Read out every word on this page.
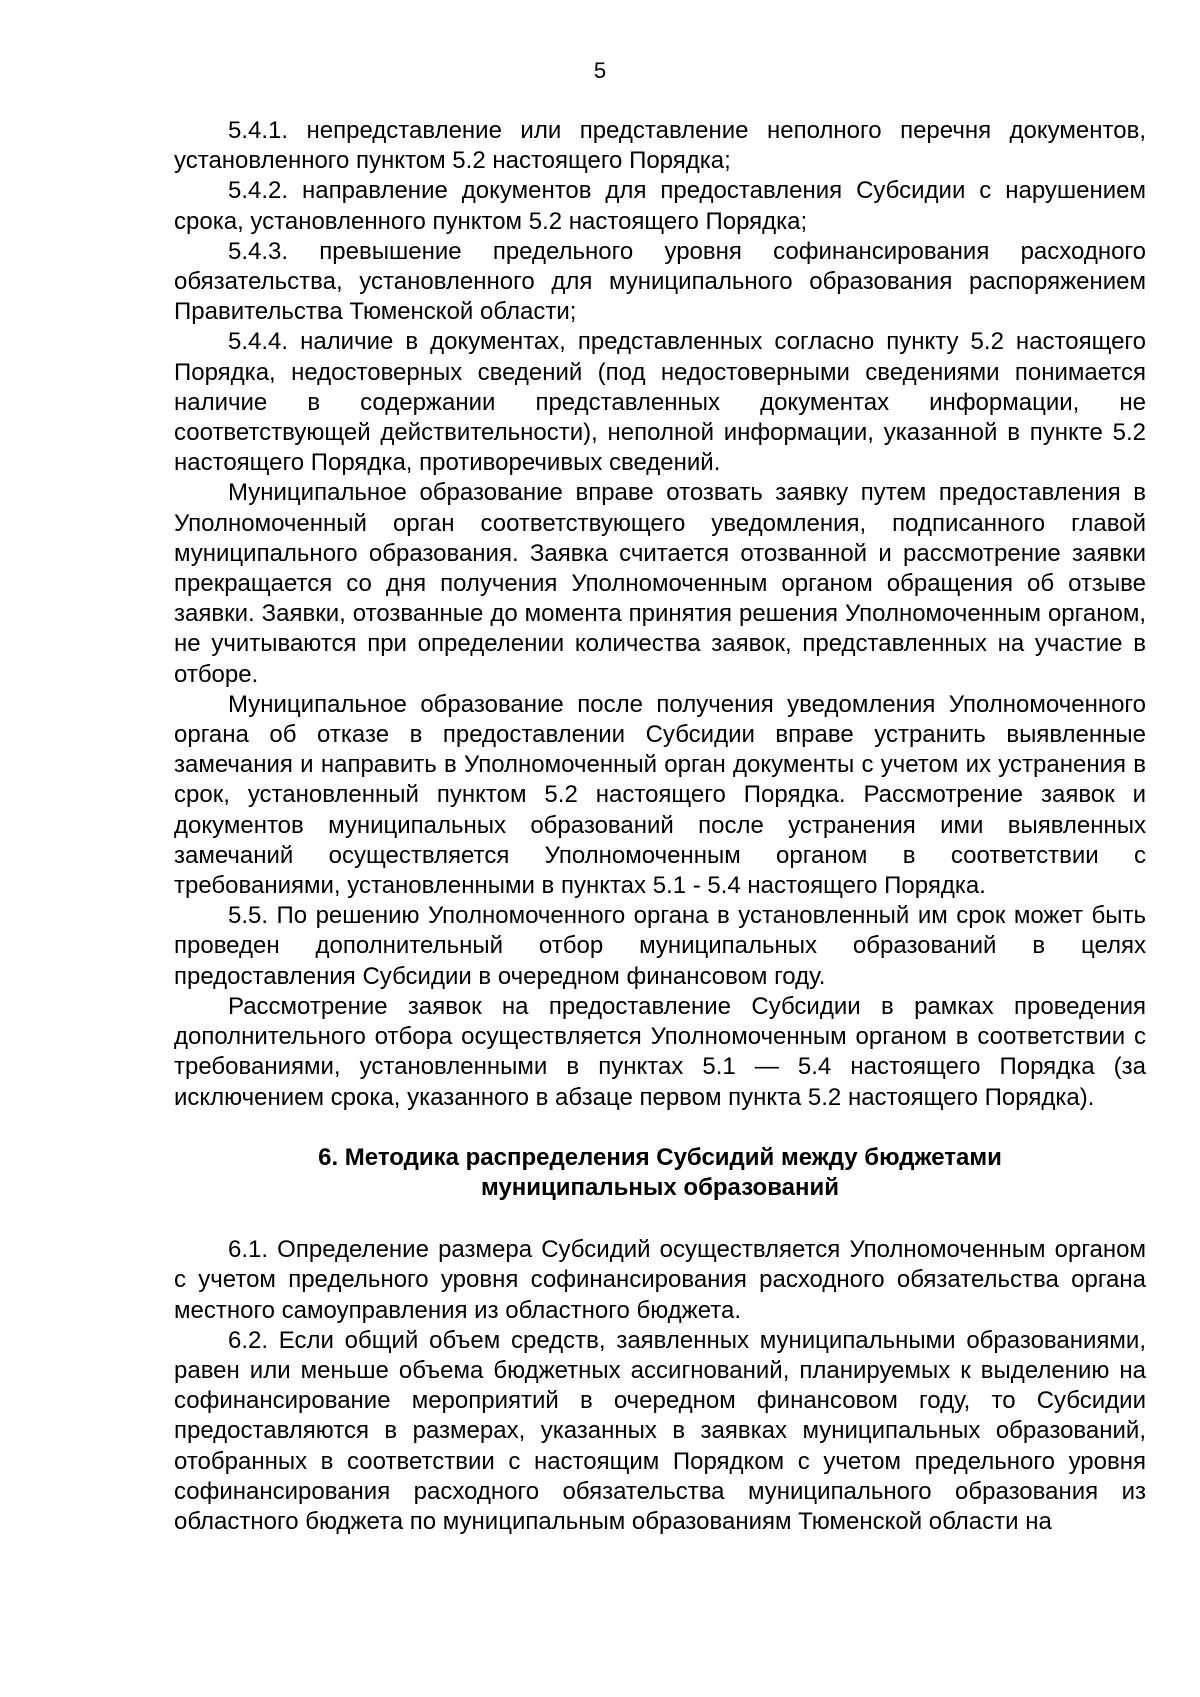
5

5.4.1. непредставление или представление неполного перечня документов, установленного пунктом 5.2 настоящего Порядка;

5.4.2. направление документов для предоставления Субсидии с нарушением срока, установленного пунктом 5.2 настоящего Порядка;

5.4.3. превышение предельного уровня софинансирования расходного обязательства, установленного для муниципального образования распоряжением Правительства Тюменской области;

5.4.4. наличие в документах, представленных согласно пункту 5.2 настоящего Порядка, недостоверных сведений (под недостоверными сведениями понимается наличие в содержании представленных документах информации, не соответствующей действительности), неполной информации, указанной в пункте 5.2 настоящего Порядка, противоречивых сведений.

Муниципальное образование вправе отозвать заявку путем предоставления в Уполномоченный орган соответствующего уведомления, подписанного главой муниципального образования. Заявка считается отозванной и рассмотрение заявки прекращается со дня получения Уполномоченным органом обращения об отзыве заявки. Заявки, отозванные до момента принятия решения Уполномоченным органом, не учитываются при определении количества заявок, представленных на участие в отборе.

Муниципальное образование после получения уведомления Уполномоченного органа об отказе в предоставлении Субсидии вправе устранить выявленные замечания и направить в Уполномоченный орган документы с учетом их устранения в срок, установленный пунктом 5.2 настоящего Порядка. Рассмотрение заявок и документов муниципальных образований после устранения ими выявленных замечаний осуществляется Уполномоченным органом в соответствии с требованиями, установленными в пунктах 5.1 - 5.4 настоящего Порядка.

5.5. По решению Уполномоченного органа в установленный им срок может быть проведен дополнительный отбор муниципальных образований в целях предоставления Субсидии в очередном финансовом году.

Рассмотрение заявок на предоставление Субсидии в рамках проведения дополнительного отбора осуществляется Уполномоченным органом в соответствии с требованиями, установленными в пунктах 5.1 — 5.4 настоящего Порядка (за исключением срока, указанного в абзаце первом пункта 5.2 настоящего Порядка).

6. Методика распределения Субсидий между бюджетами
муниципальных образований

6.1. Определение размера Субсидий осуществляется Уполномоченным органом с учетом предельного уровня софинансирования расходного обязательства органа местного самоуправления из областного бюджета.

6.2. Если общий объем средств, заявленных муниципальными образованиями, равен или меньше объема бюджетных ассигнований, планируемых к выделению на софинансирование мероприятий в очередном финансовом году, то Субсидии предоставляются в размерах, указанных в заявках муниципальных образований, отобранных в соответствии с настоящим Порядком с учетом предельного уровня софинансирования расходного обязательства муниципального образования из областного бюджета по муниципальным образованиям Тюменской области на
